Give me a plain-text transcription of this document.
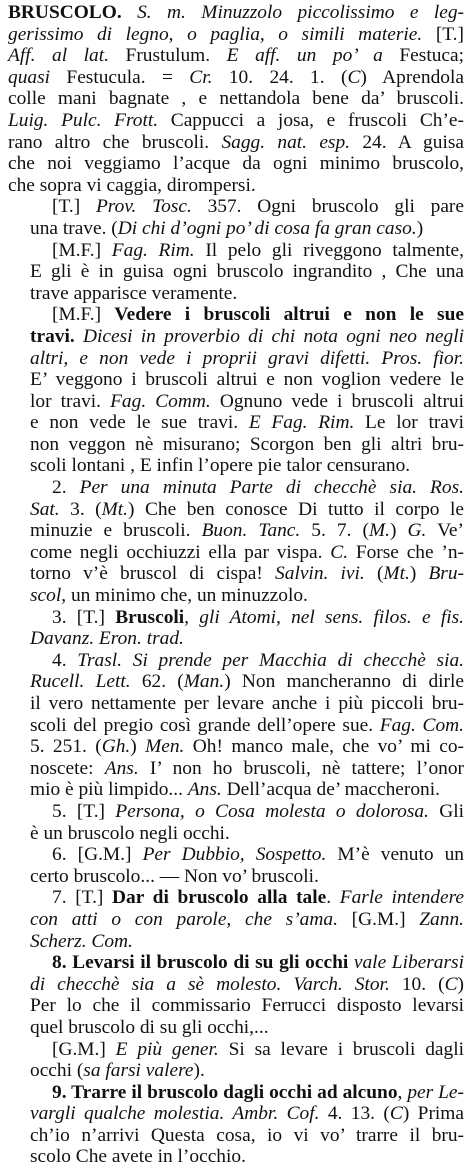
BRUSCOLO. S. m. Minuzzolo piccolissimo e leg-
gerissimo di legno, o paglia, o simili materie. [T.]
Aff. al lat. Frustulum. E aff. un po’ a Festuca;
quasi Festucula. = Cr. 10. 24. 1. (C) Aprendola
colle mani bagnate , e nettandola bene da’ bruscoli.
Luig. Pulc. Frott. Cappucci a josa, e fruscoli Ch’e-
rano altro che bruscoli. Sagg. nat. esp. 24. A guisa
che noi veggiamo l’acque da ogni minimo bruscolo,
che sopra vi caggia, dirompersi.
[T.] Prov. Tosc. 357. Ogni bruscolo gli pare
una trave. (Di chi d’ogni po’ di cosa fa gran caso.)
[M.F.] Fag. Rim. Il pelo gli riveggono talmente,
E gli è in guisa ogni bruscolo ingrandito , Che una
trave apparisce veramente.
[M.F.] Vedere i bruscoli altrui e non le sue
travi. Dicesi in proverbio di chi nota ogni neo negli
altri, e non vede i proprii gravi difetti. Pros. fior.
E’ veggono i bruscoli altrui e non voglion vedere le
lor travi. Fag. Comm. Ognuno vede i bruscoli altrui
e non vede le sue travi. E Fag. Rim. Le lor travi
non veggon nè misurano; Scorgon ben gli altri bru-
scoli lontani , E infin l’opere pie talor censurano.
2. Per una minuta Parte di checchè sia. Ros.
Sat. 3. (Mt.) Che ben conosce Di tutto il corpo le
minuzie e bruscoli. Buon. Tanc. 5. 7. (M.) G. Ve’
come negli occhiuzzi ella par vispa. C. Forse che ’n-
torno v’è bruscol di cispa! Salvin. ivi. (Mt.) Bru-
scol, un minimo che, un minuzzolo.
3. [T.] Bruscoli, gli Atomi, nel sens. filos. e fis.
Davanz. Eron. trad.
4. Trasl. Si prende per Macchia di checchè sia.
Rucell. Lett. 62. (Man.) Non mancheranno di dirle
il vero nettamente per levare anche i più piccoli bru-
scoli del pregio così grande dell’opere sue. Fag. Com.
5. 251. (Gh.) Men. Oh! manco male, che vo’ mi co-
noscete: Ans. I’ non ho bruscoli, nè tattere; l’onor
mio è più limpido... Ans. Dell’acqua de’ maccheroni.
5. [T.] Persona, o Cosa molesta o dolorosa. Gli
è un bruscolo negli occhi.
6. [G.M.] Per Dubbio, Sospetto. M’è venuto un
certo bruscolo... — Non vo’ bruscoli.
7. [T.] Dar di bruscolo alla tale. Farle intendere
con atti o con parole, che s’ama. [G.M.] Zann.
Scherz. Com.
8. Levarsi il bruscolo di su gli occhi vale Liberarsi
di checchè sia a sè molesto. Varch. Stor. 10. (C)
Per lo che il commissario Ferrucci disposto levarsi
quel bruscolo di su gli occhi,...
[G.M.] E più gener. Si sa levare i bruscoli dagli
occhi (sa farsi valere).
9. Trarre il bruscolo dagli occhi ad alcuno, per Le-
vargli qualche molestia. Ambr. Cof. 4. 13. (C) Prima
ch’io n’arrivi Questa cosa, io vi vo’ trarre il bru-
scolo Che avete in l’occhio.
